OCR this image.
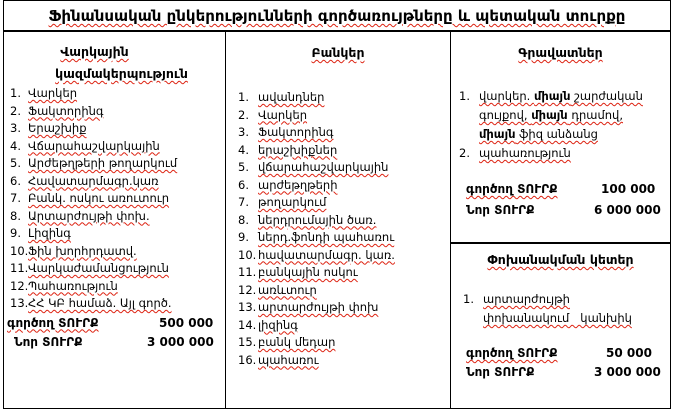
Ֆինանսական ընկերությունների գործառույթները և պետական տուրքը
Վարկային
կազմակերպություն
1. Վարկեր
2. Ֆակտորինգ
3. Երաշխիք
4. Վճարահաշվարկային
5. Արժեթղթերի թողարկում
6. Հավատարմագր.կառ
7. Բանկ. ոսկու առուտուր
8. Արտարժույթի փոխ.
9. Լիզինգ
10. Ֆին խորհրդատվ.
11. Վարկաժամանցություն
12. Պահառություն
13. ՀՀ ԿԲ համաձ. Այլ գործ.
գործող ՏՈՒՐՔ	500 000
Նոր ՏՈՒՐՔ	3 000 000
Բանկեր
1. ավանդներ
2. Վարկեր
3. Ֆակտորինգ
4. երաշխիքներ
5. վճարահաշվարկային
6. արժեթղթերի
7. թողարկում
8. ներդրումային ծառ.
9. ներդ.ֆոնդի պահառու
10. հավատարմագր. կառ.
11. բանկային ոսկու
12. առևտուր
13. արտարժույթի փոխ
14. լիզինգ
15. բանկ մեդար
16. պահառու
Գրավատներ
1. վարկեր. միայն շարժական
գույքով, միայն դրամով,
միայն ֆիզ անձանց
2. պահառություն
գործող ՏՈՒՐՔ	100 000
Նոր ՏՈՒՐՔ	6 000 000
Փոխանակման կետեր
1. արտարժույթի
փոխանակում   կանխիկ
գործող ՏՈՒՐՔ	50 000
Նոր ՏՈՒՐՔ	3 000 000
